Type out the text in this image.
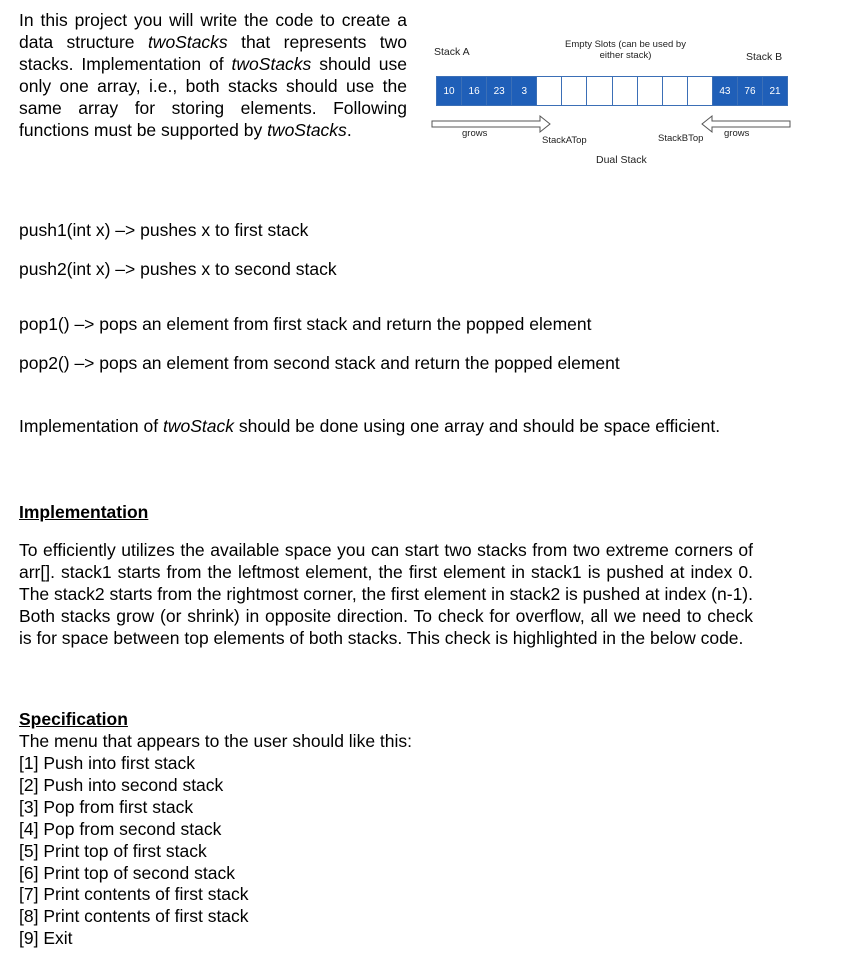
In this project you will write the code to create a data structure twoStacks that represents two stacks. Implementation of twoStacks should use only one array, i.e., both stacks should use the same array for storing elements. Following functions must be supported by twoStacks.
Stack A	Stack B
Empty Slots (can be used by
either stack)
10	16	23	3	43	76	21
grows	grows
StackATop	StackBTop
Dual Stack
push1(int x) –> pushes x to first stack
push2(int x) –> pushes x to second stack
pop1() –> pops an element from first stack and return the popped element
pop2() –> pops an element from second stack and return the popped element
Implementation of twoStack should be done using one array and should be space efficient.
Implementation
To efficiently utilizes the available space you can start two stacks from two extreme corners of arr[]. stack1 starts from the leftmost element, the first element in stack1 is pushed at index 0. The stack2 starts from the rightmost corner, the first element in stack2 is pushed at index (n-1). Both stacks grow (or shrink) in opposite direction. To check for overflow, all we need to check is for space between top elements of both stacks. This check is highlighted in the below code.
Specification
The menu that appears to the user should like this:
[1] Push into first stack
[2] Push into second stack
[3] Pop from first stack
[4] Pop from second stack
[5] Print top of first stack
[6] Print top of second stack
[7] Print contents of first stack
[8] Print contents of first stack
[9] Exit
